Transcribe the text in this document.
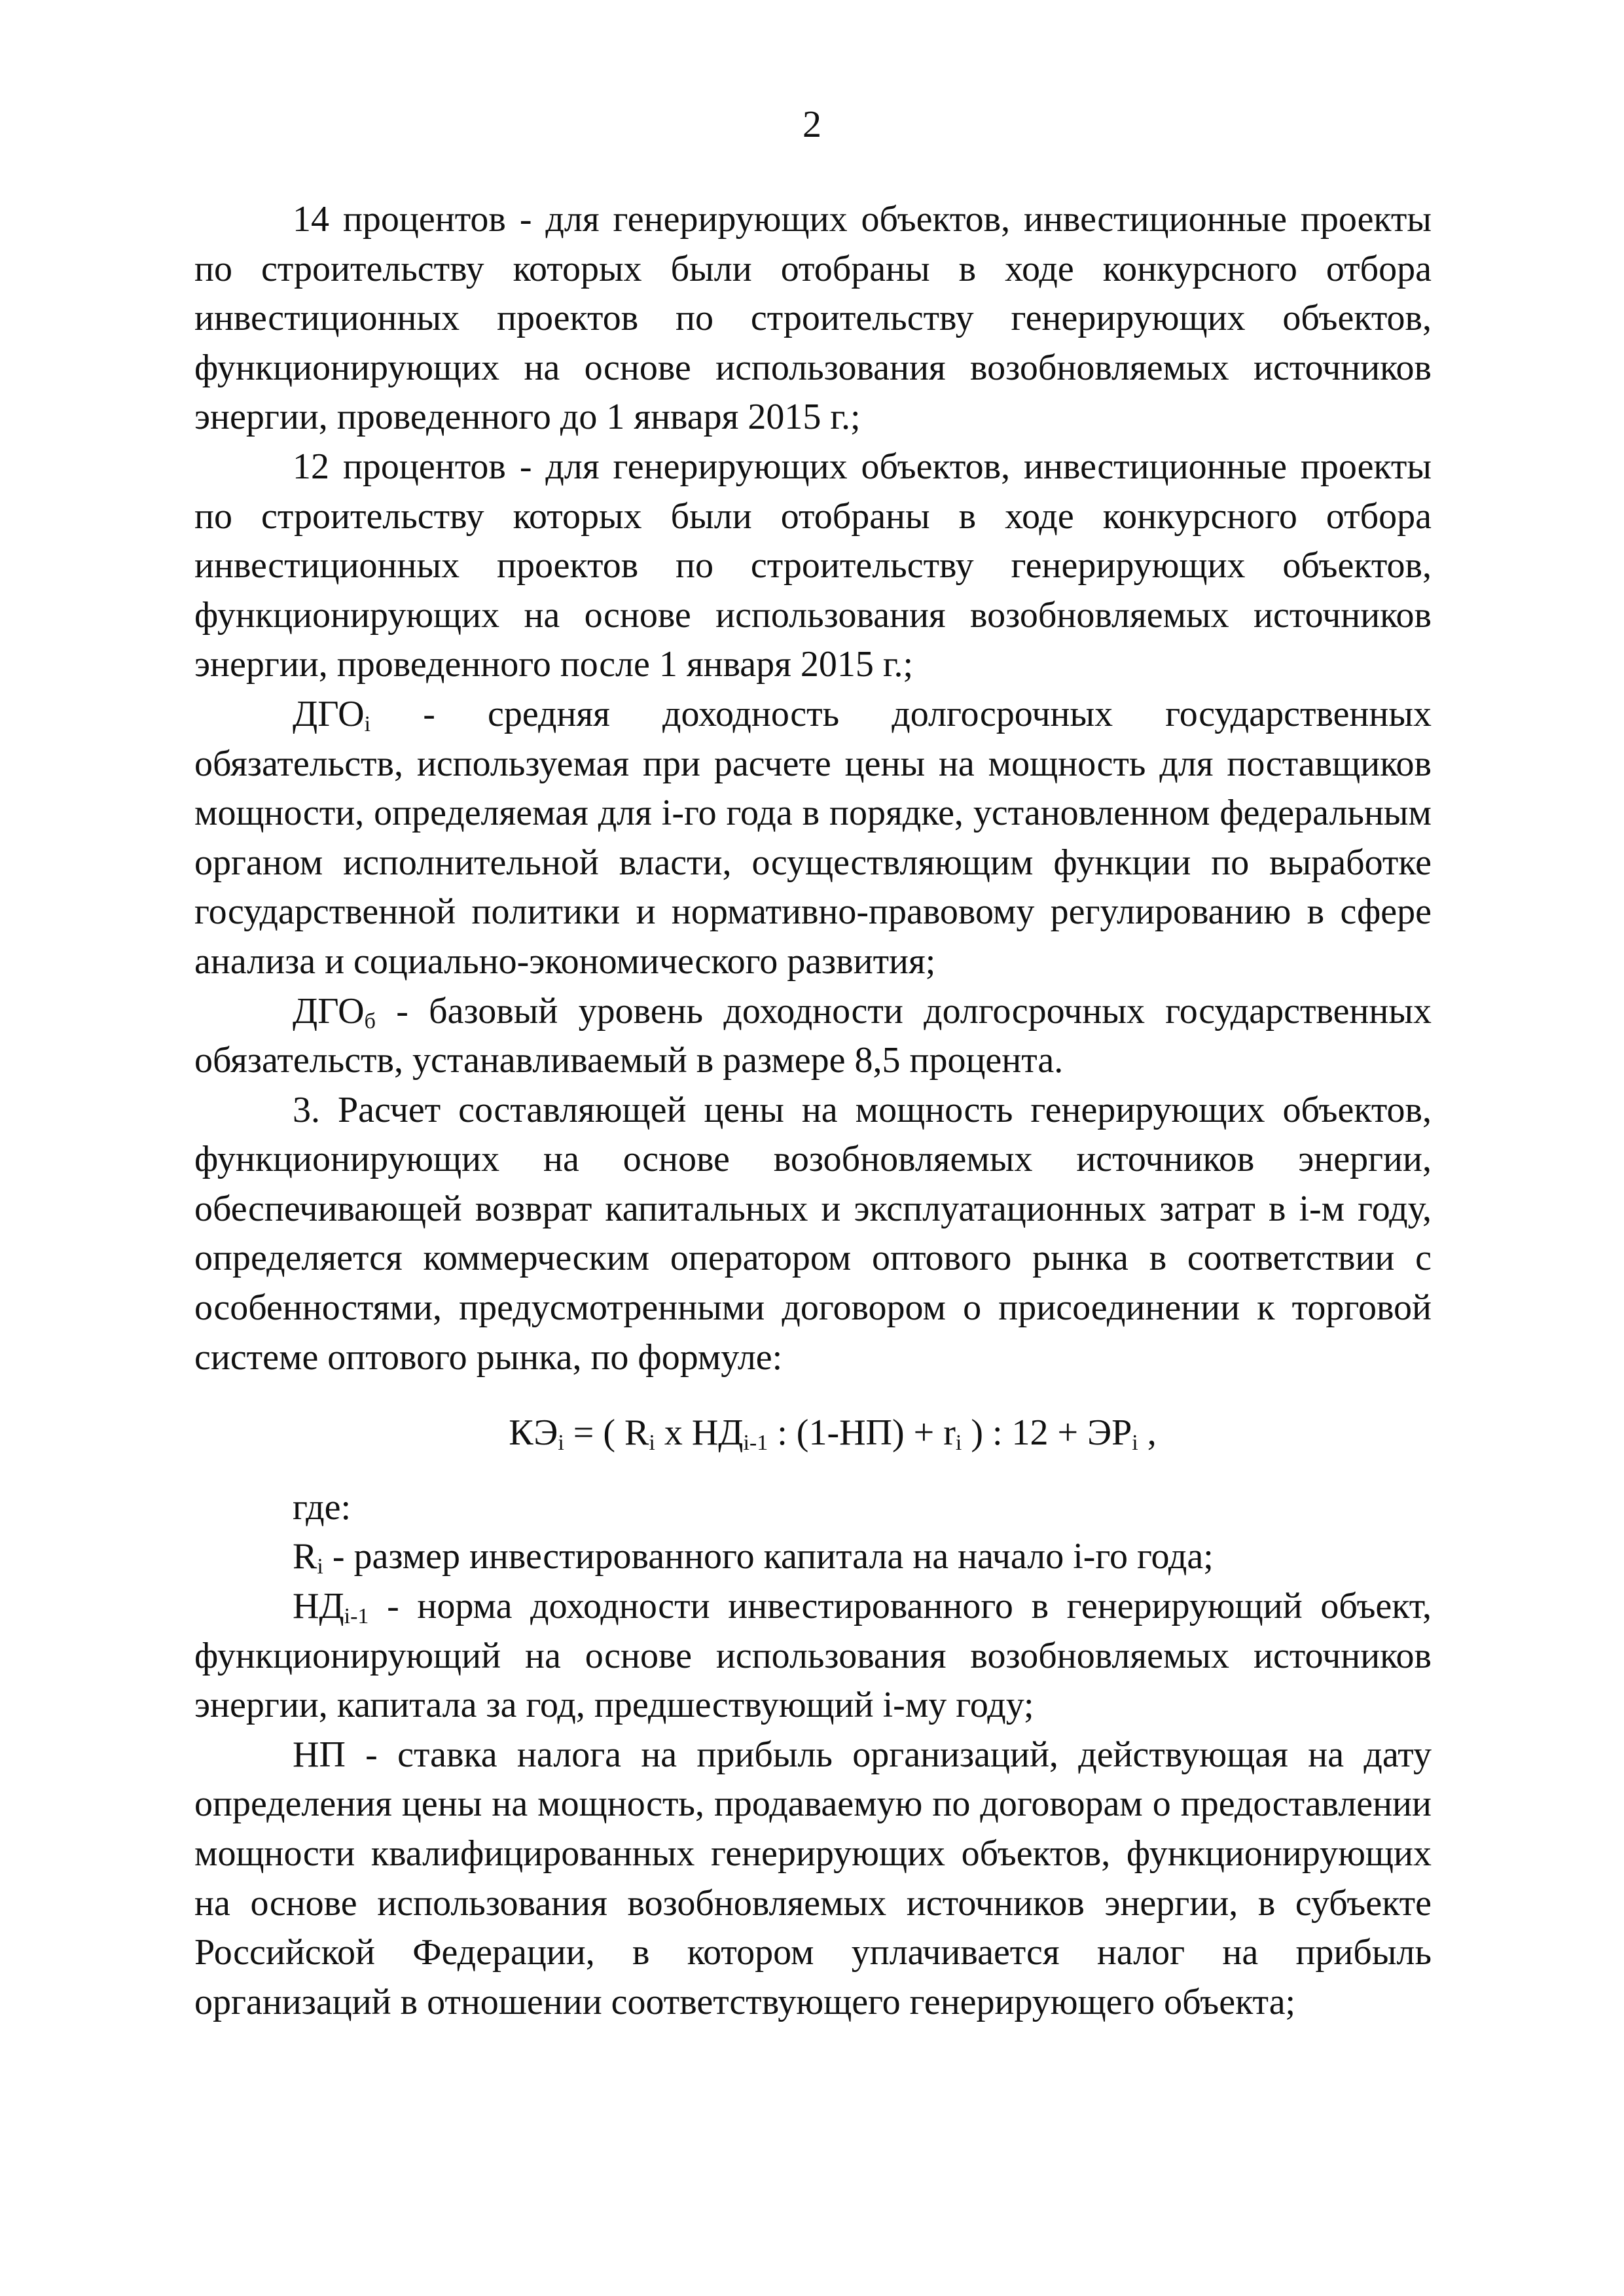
2

14 процентов - для генерирующих объектов, инвестиционные проекты по строительству которых были отобраны в ходе конкурсного отбора инвестиционных проектов по строительству генерирующих объектов, функционирующих на основе использования возобновляемых источников энергии, проведенного до 1 января 2015 г.;

12 процентов - для генерирующих объектов, инвестиционные проекты по строительству которых были отобраны в ходе конкурсного отбора инвестиционных проектов по строительству генерирующих объектов, функционирующих на основе использования возобновляемых источников энергии, проведенного после 1 января 2015 г.;

$ДГО_i$ - средняя доходность долгосрочных государственных обязательств, используемая при расчете цены на мощность для поставщиков мощности, определяемая для i-го года в порядке, установленном федеральным органом исполнительной власти, осуществляющим функции по выработке государственной политики и нормативно-правовому регулированию в сфере анализа и социально-экономического развития;

$ДГО_б$ - базовый уровень доходности долгосрочных государственных обязательств, устанавливаемый в размере 8,5 процента.

3. Расчет составляющей цены на мощность генерирующих объектов, функционирующих на основе возобновляемых источников энергии, обеспечивающей возврат капитальных и эксплуатационных затрат в i-м году, определяется коммерческим оператором оптового рынка в соответствии с особенностями, предусмотренными договором о присоединении к торговой системе оптового рынка, по формуле:

$КЭ_i$ = ( $R_i$ x $НД_{i-1}$ : $(1-НП) + r_i$ ) : $12 + ЭР_i$ ,

где:

$R_i$ - размер инвестированного капитала на начало i-го года;

$НД_{i-1}$ - норма доходности инвестированного в генерирующий объект, функционирующий на основе использования возобновляемых источников энергии, капитала за год, предшествующий i-му году;

НП - ставка налога на прибыль организаций, действующая на дату определения цены на мощность, продаваемую по договорам о предоставлении мощности квалифицированных генерирующих объектов, функционирующих на основе использования возобновляемых источников энергии, в субъекте Российской Федерации, в котором уплачивается налог на прибыль организаций в отношении соответствующего генерирующего объекта;
